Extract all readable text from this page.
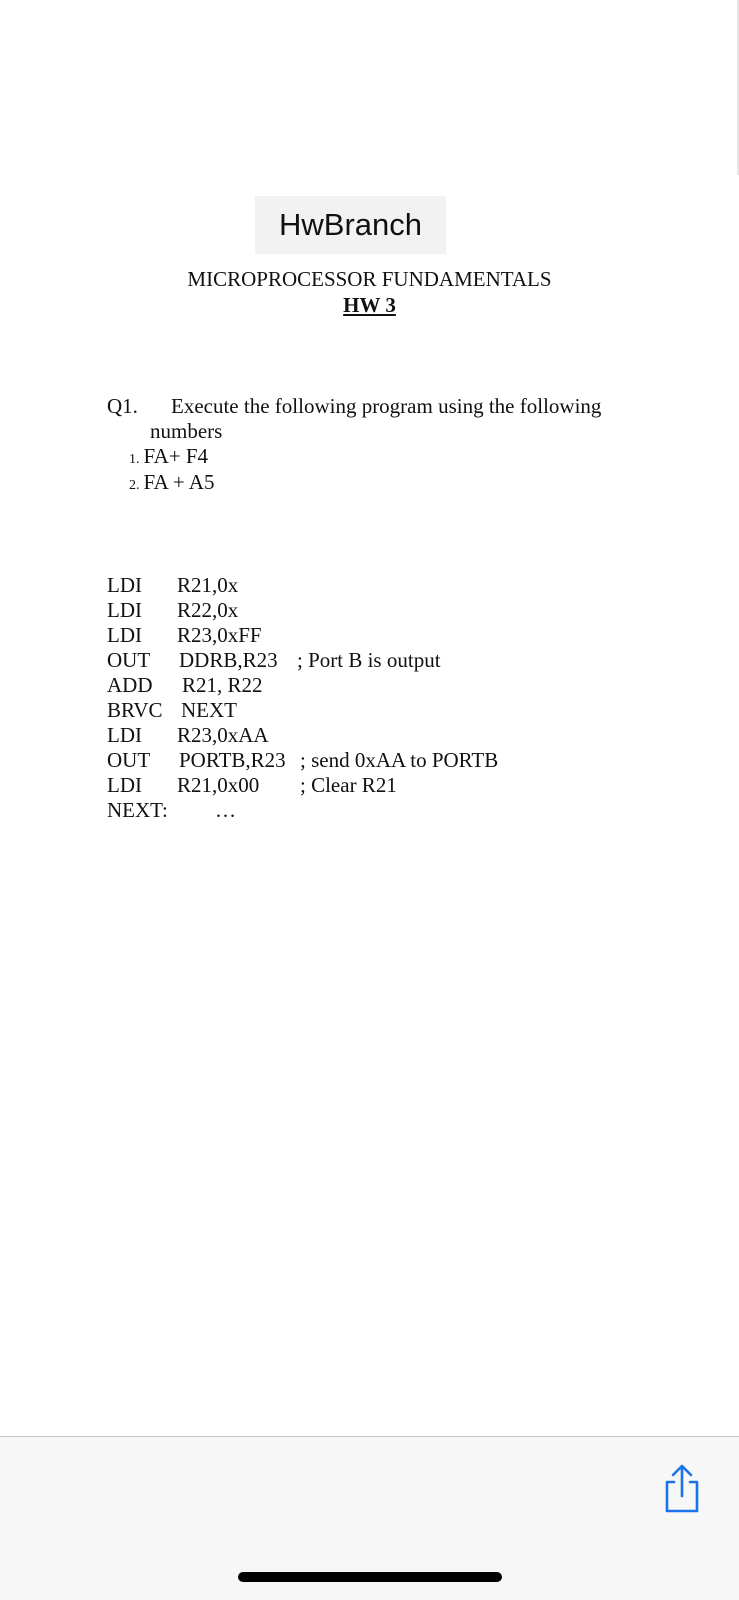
HwBranch
MICROPROCESSOR FUNDAMENTALS
HW 3
Q1. Execute the following program using the following
numbers
1. FA+ F4
2. FA + A5
LDI R21,0x
LDI R22,0x
LDI R23,0xFF
OUT DDRB,R23 ; Port B is output
ADD R21, R22
BRVC NEXT
LDI R23,0xAA
OUT PORTB,R23 ; send 0xAA to PORTB
LDI R21,0x00 ; Clear R21
NEXT: …
